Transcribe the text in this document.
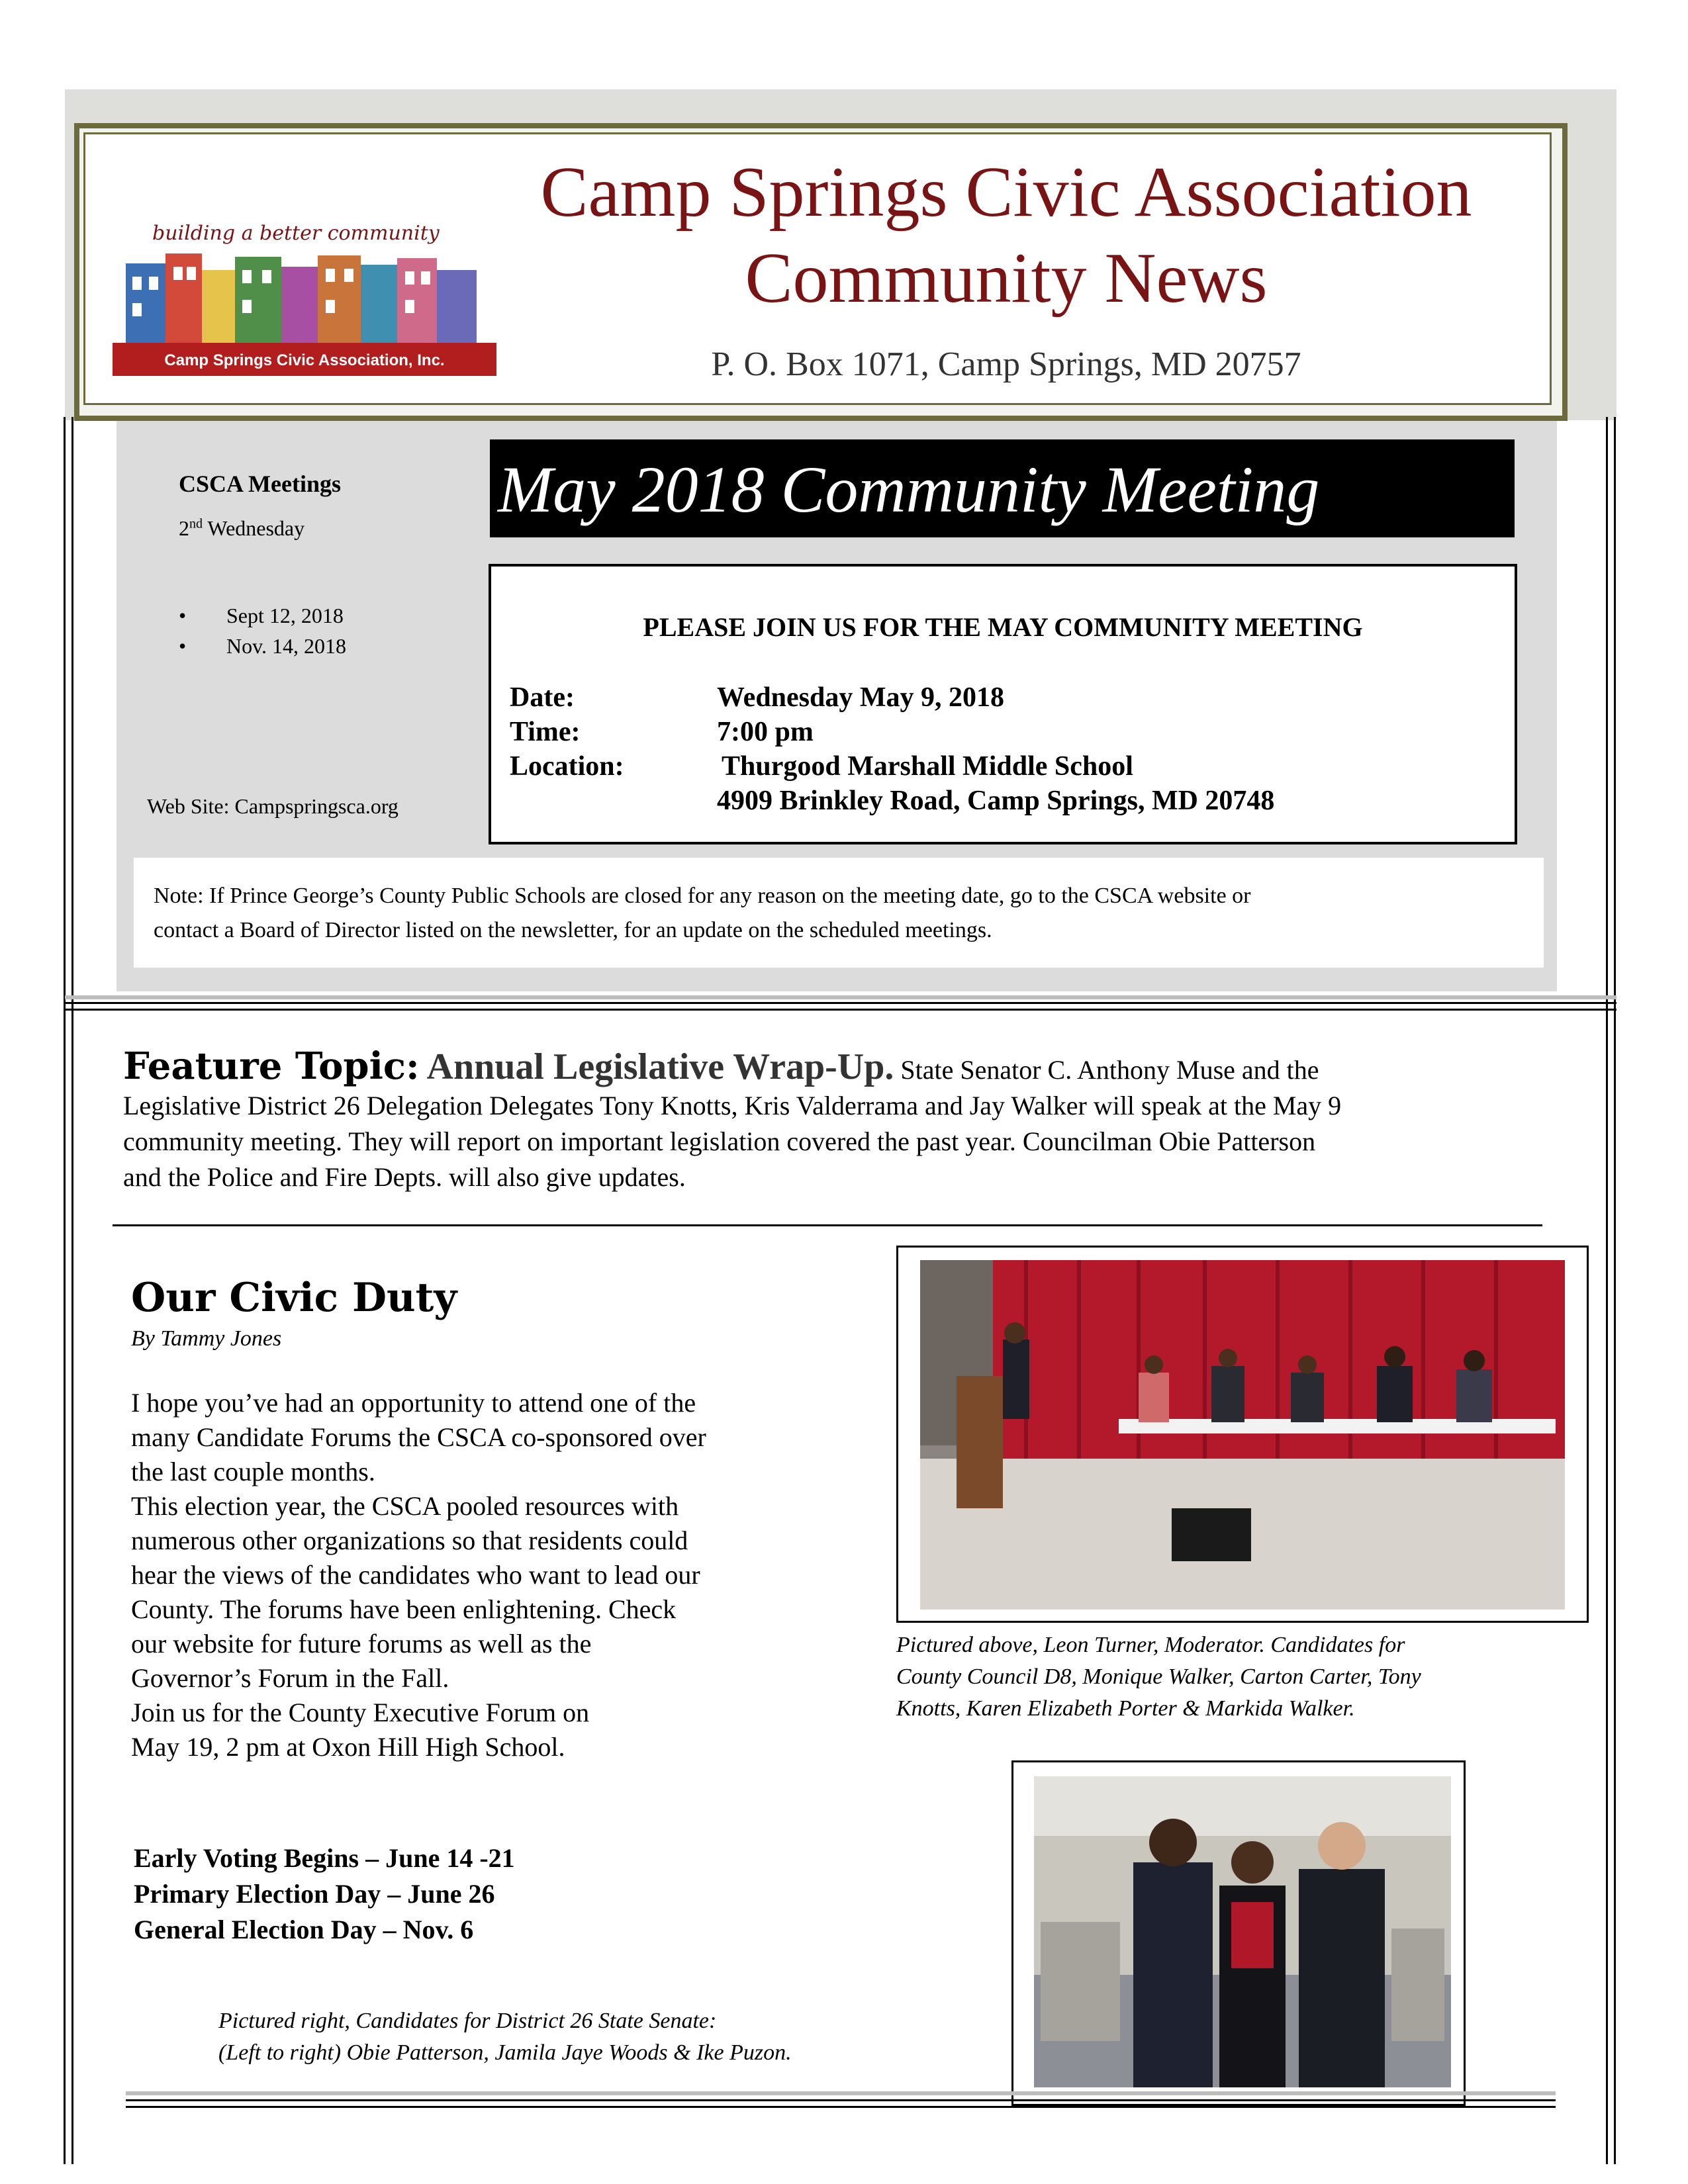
building a better community
Camp Springs Civic Association, Inc.
Camp Springs Civic Association
Community News
P. O. Box 1071, Camp Springs, MD 20757
CSCA Meetings
2nd Wednesday
• Sept 12, 2018
• Nov. 14, 2018
Web Site: Campspringsca.org
May 2018 Community Meeting
PLEASE JOIN US FOR THE MAY COMMUNITY MEETING
Date:	Wednesday May 9, 2018
Time:	7:00 pm
Location:	Thurgood Marshall Middle School
4909 Brinkley Road, Camp Springs, MD 20748
Note: If Prince George’s County Public Schools are closed for any reason on the meeting date, go to the CSCA website or
contact a Board of Director listed on the newsletter, for an update on the scheduled meetings.
Feature Topic: Annual Legislative Wrap-Up. State Senator C. Anthony Muse and the
Legislative District 26 Delegation Delegates Tony Knotts, Kris Valderrama and Jay Walker will speak at the May 9
community meeting. They will report on important legislation covered the past year. Councilman Obie Patterson
and the Police and Fire Depts. will also give updates.
Our Civic Duty
By Tammy Jones
I hope you’ve had an opportunity to attend one of the
many Candidate Forums the CSCA co-sponsored over
the last couple months.
This election year, the CSCA pooled resources with
numerous other organizations so that residents could
hear the views of the candidates who want to lead our
County. The forums have been enlightening. Check
our website for future forums as well as the
Governor’s Forum in the Fall.
Join us for the County Executive Forum on
May 19, 2 pm at Oxon Hill High School.
Early Voting Begins – June 14 -21
Primary Election Day – June 26
General Election Day – Nov. 6
Pictured above, Leon Turner, Moderator. Candidates for
County Council D8, Monique Walker, Carton Carter, Tony
Knotts, Karen Elizabeth Porter & Markida Walker.
Pictured right, Candidates for District 26 State Senate:
(Left to right) Obie Patterson, Jamila Jaye Woods & Ike Puzon.
